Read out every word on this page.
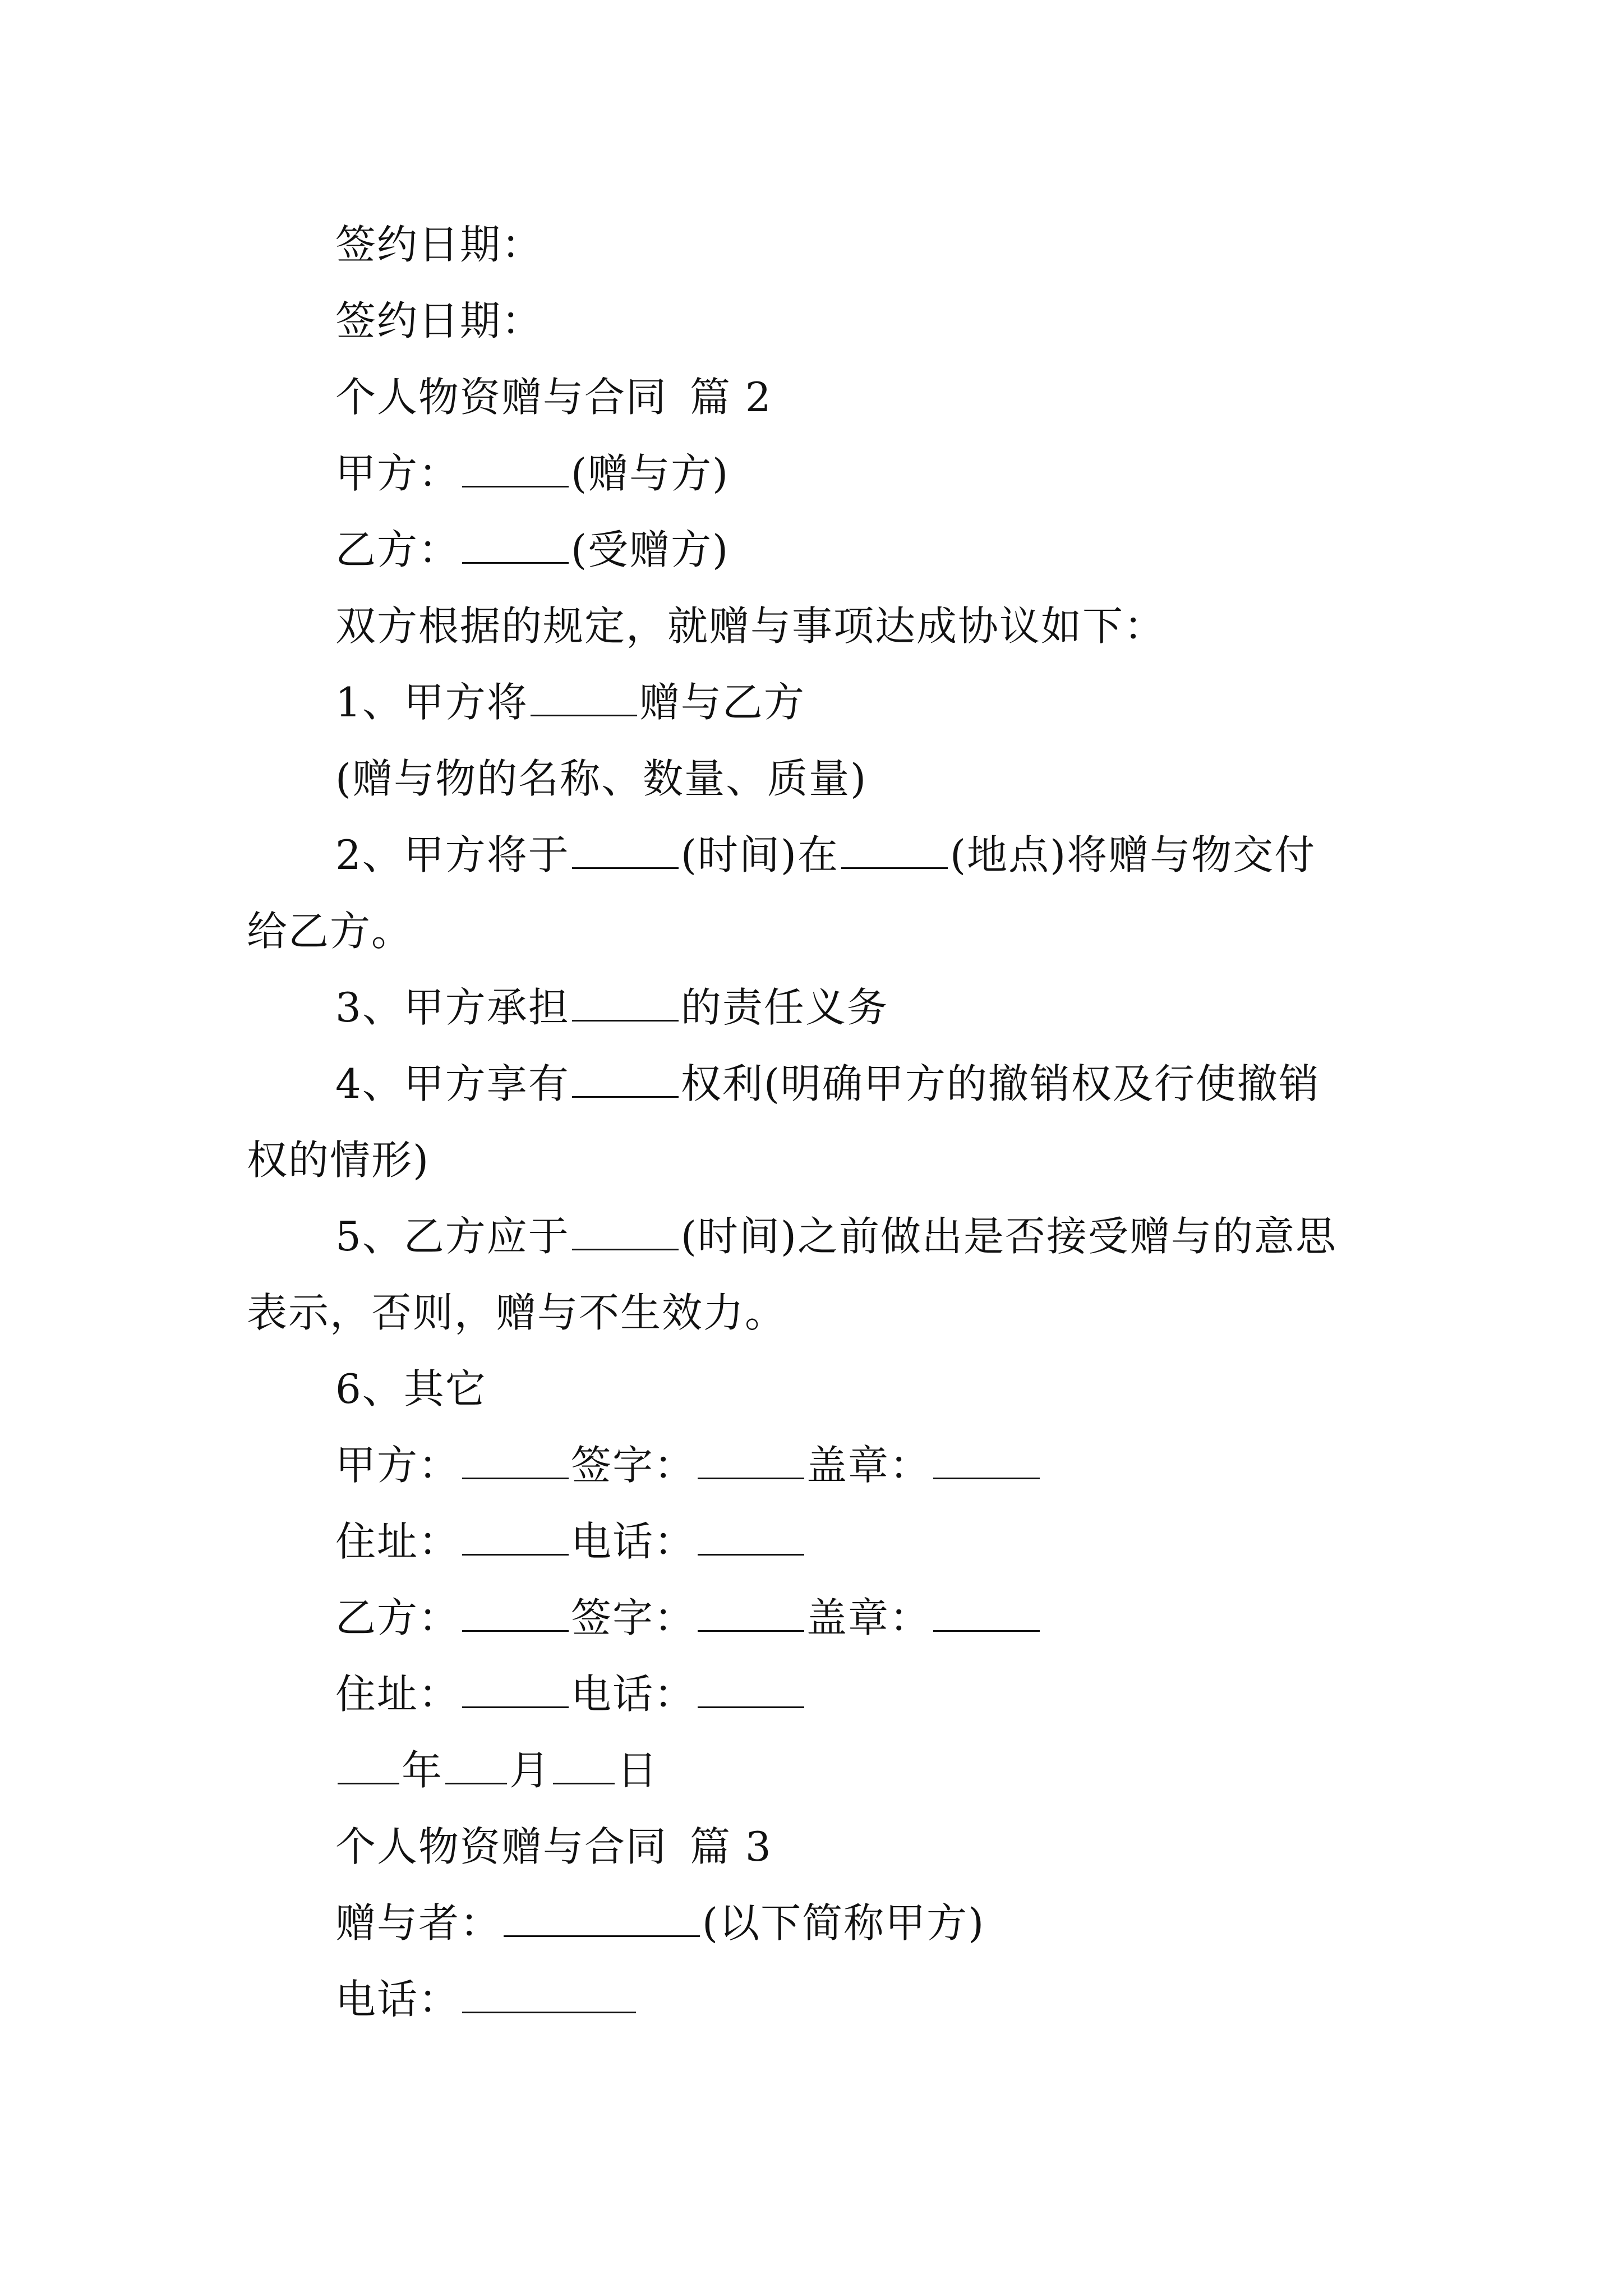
签约日期：
签约日期：
个人物资赠与合同 篇 2
甲方：	(赠与方)
乙方：	(受赠方)
双方根据的规定，就赠与事项达成协议如下：
1、甲方将	赠与乙方
(赠与物的名称、数量、质量)
2、甲方将于	(时间)在	(地点)将赠与物交付
给乙方。
3、甲方承担	的责任义务
4、甲方享有	权利(明确甲方的撤销权及行使撤销
权的情形)
5、乙方应于	(时间)之前做出是否接受赠与的意思
表示，否则，赠与不生效力。
6、其它
甲方：	签字：	盖章：
住址：	电话：
乙方：	签字：	盖章：
住址：	电话：
年 月 日
个人物资赠与合同 篇 3
赠与者：	(以下简称甲方)
电话：
